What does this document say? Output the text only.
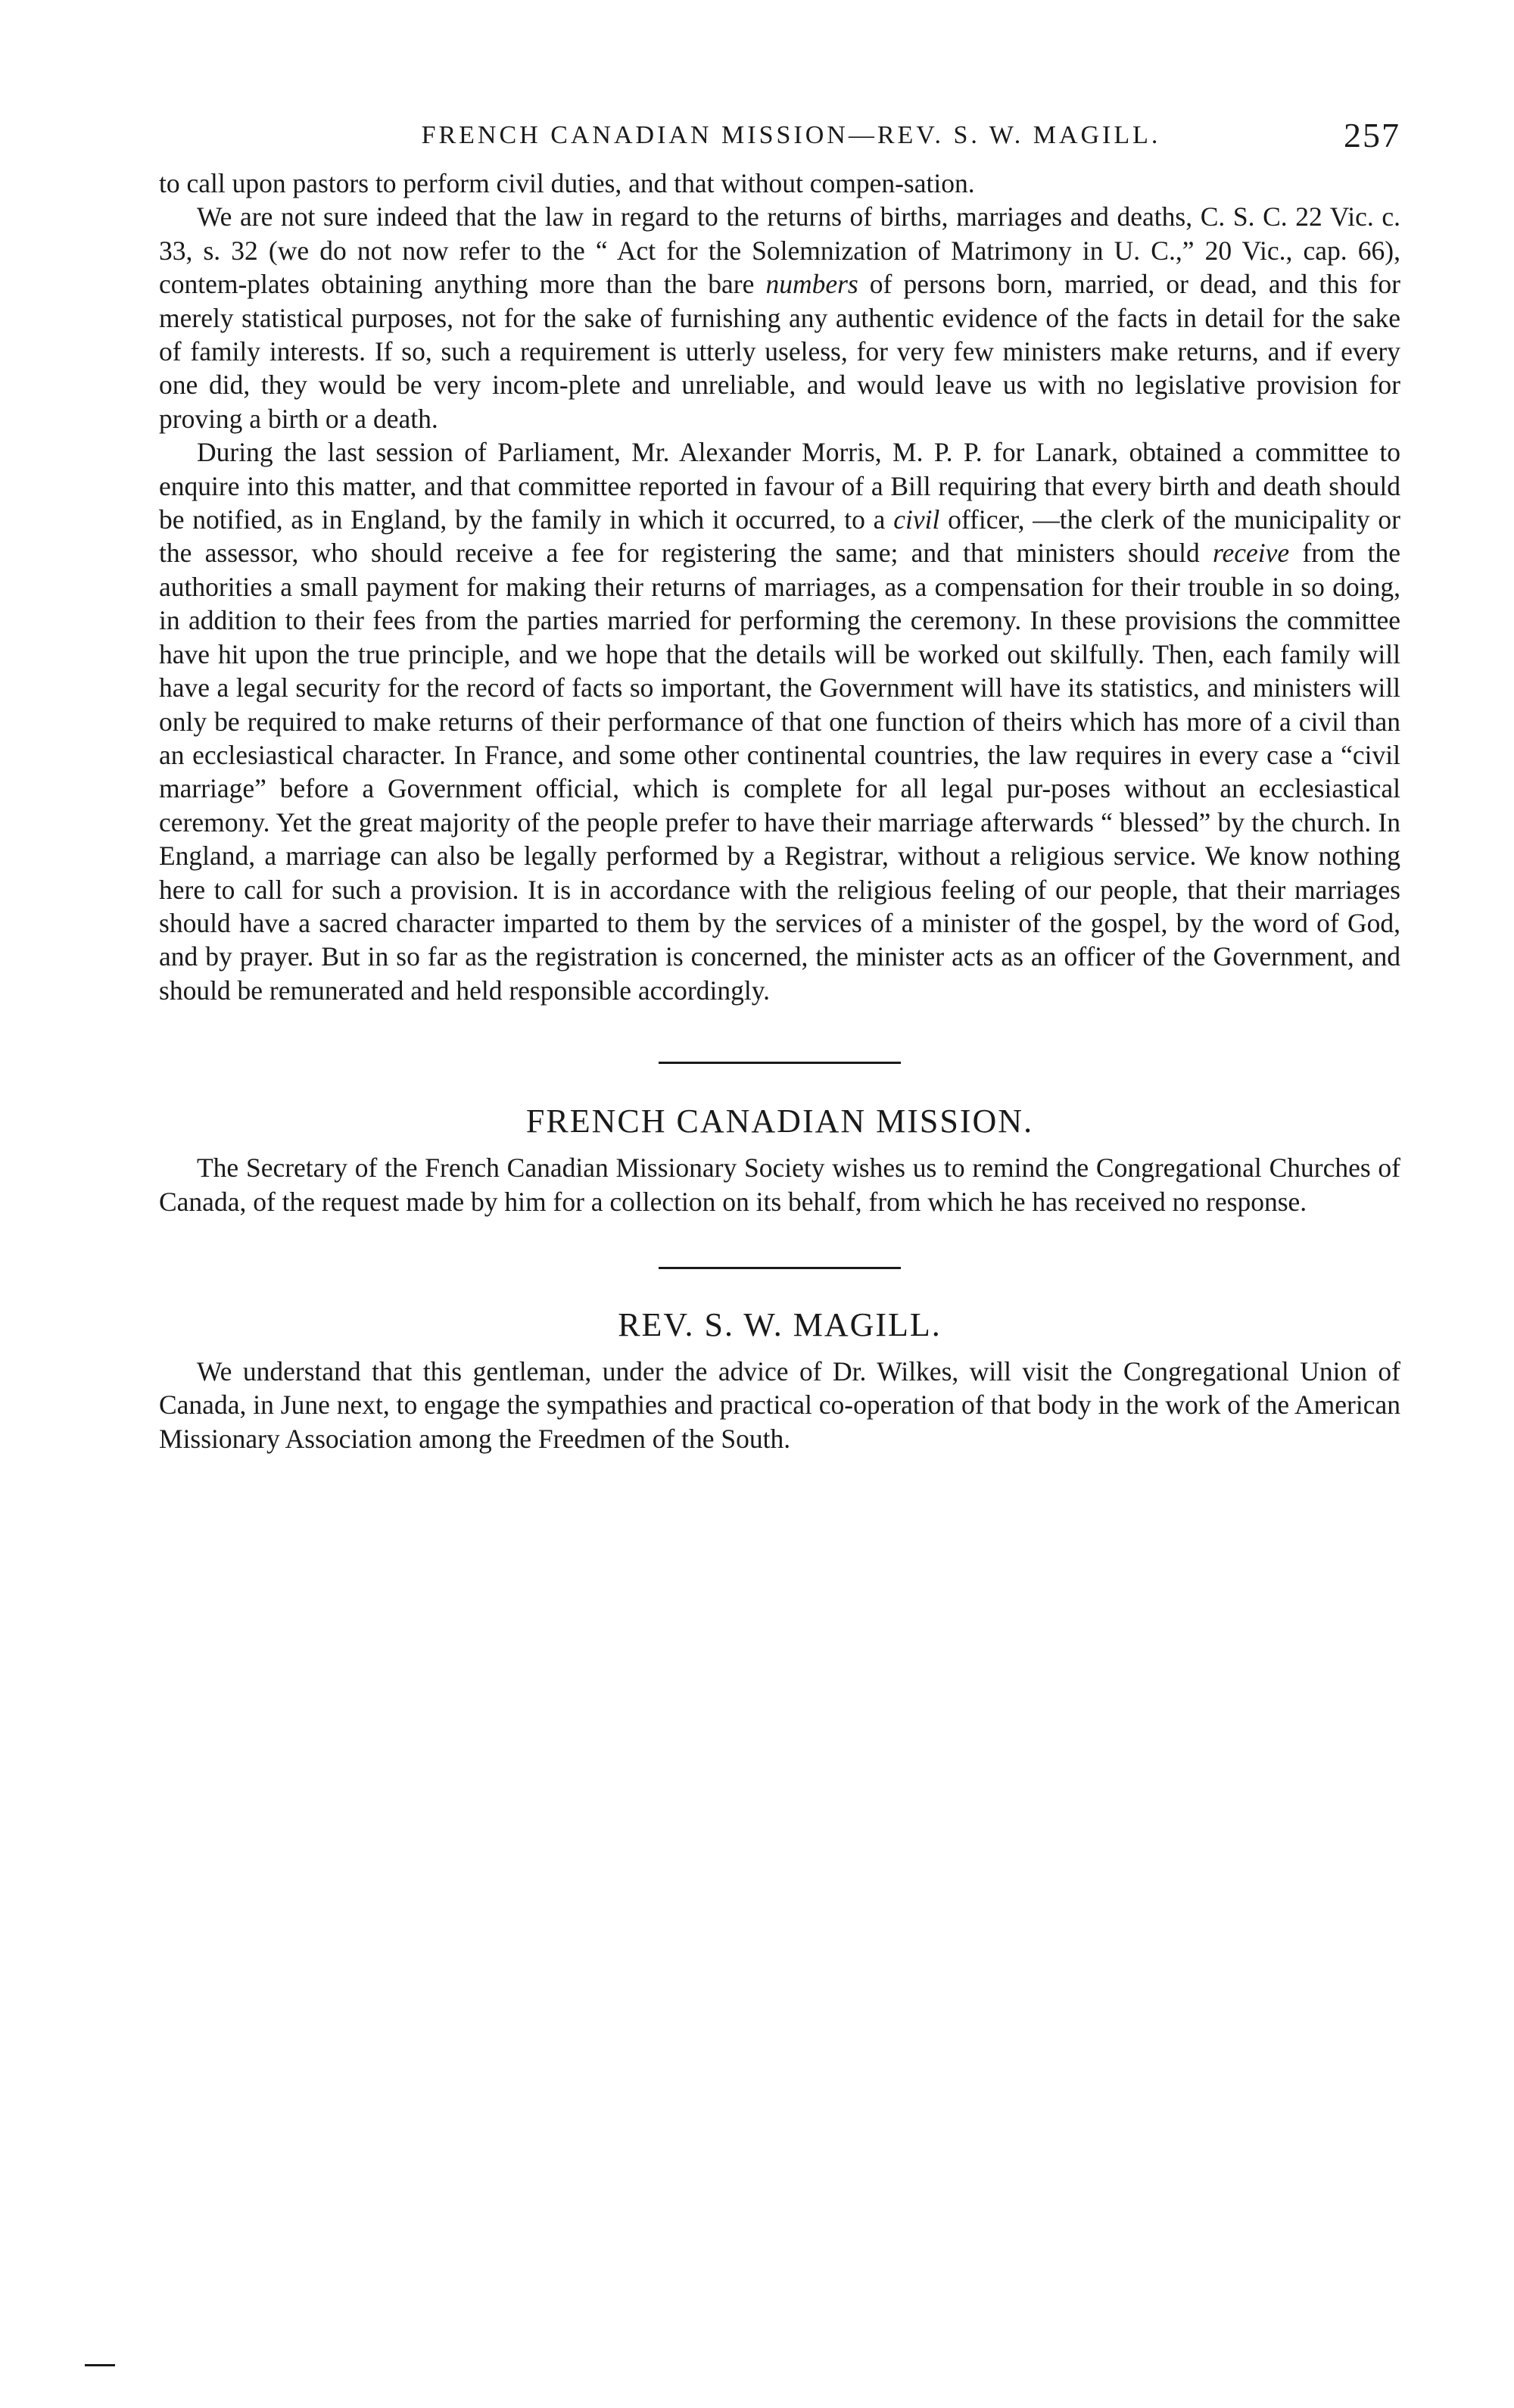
FRENCH CANADIAN MISSION—REV. S. W. MAGILL.	257

to call upon pastors to perform civil duties, and that without compen-sation.

We are not sure indeed that the law in regard to the returns of births, marriages and deaths, C. S. C. 22 Vic. c. 33, s. 32 (we do not now refer to the “ Act for the Solemnization of Matrimony in U. C.,” 20 Vic., cap. 66), contem-plates obtaining anything more than the bare numbers of persons born, married, or dead, and this for merely statistical purposes, not for the sake of furnishing any authentic evidence of the facts in detail for the sake of family interests. If so, such a requirement is utterly useless, for very few ministers make returns, and if every one did, they would be very incom-plete and unreliable, and would leave us with no legislative provision for proving a birth or a death.

During the last session of Parliament, Mr. Alexander Morris, M. P. P. for Lanark, obtained a committee to enquire into this matter, and that committee reported in favour of a Bill requiring that every birth and death should be notified, as in England, by the family in which it occurred, to a civil officer, —the clerk of the municipality or the assessor, who should receive a fee for registering the same; and that ministers should receive from the authorities a small payment for making their returns of marriages, as a compensation for their trouble in so doing, in addition to their fees from the parties married for performing the ceremony. In these provisions the committee have hit upon the true principle, and we hope that the details will be worked out skilfully. Then, each family will have a legal security for the record of facts so important, the Government will have its statistics, and ministers will only be required to make returns of their performance of that one function of theirs which has more of a civil than an ecclesiastical character. In France, and some other continental countries, the law requires in every case a “civil marriage” before a Government official, which is complete for all legal pur-poses without an ecclesiastical ceremony. Yet the great majority of the people prefer to have their marriage afterwards “ blessed” by the church. In England, a marriage can also be legally performed by a Registrar, without a religious service. We know nothing here to call for such a provision. It is in accordance with the religious feeling of our people, that their marriages should have a sacred character imparted to them by the services of a minister of the gospel, by the word of God, and by prayer. But in so far as the registration is concerned, the minister acts as an officer of the Government, and should be remunerated and held responsible accordingly.

FRENCH CANADIAN MISSION.

The Secretary of the French Canadian Missionary Society wishes us to remind the Congregational Churches of Canada, of the request made by him for a collection on its behalf, from which he has received no response.

REV. S. W. MAGILL.

We understand that this gentleman, under the advice of Dr. Wilkes, will visit the Congregational Union of Canada, in June next, to engage the sympathies and practical co-operation of that body in the work of the American Missionary Association among the Freedmen of the South.
